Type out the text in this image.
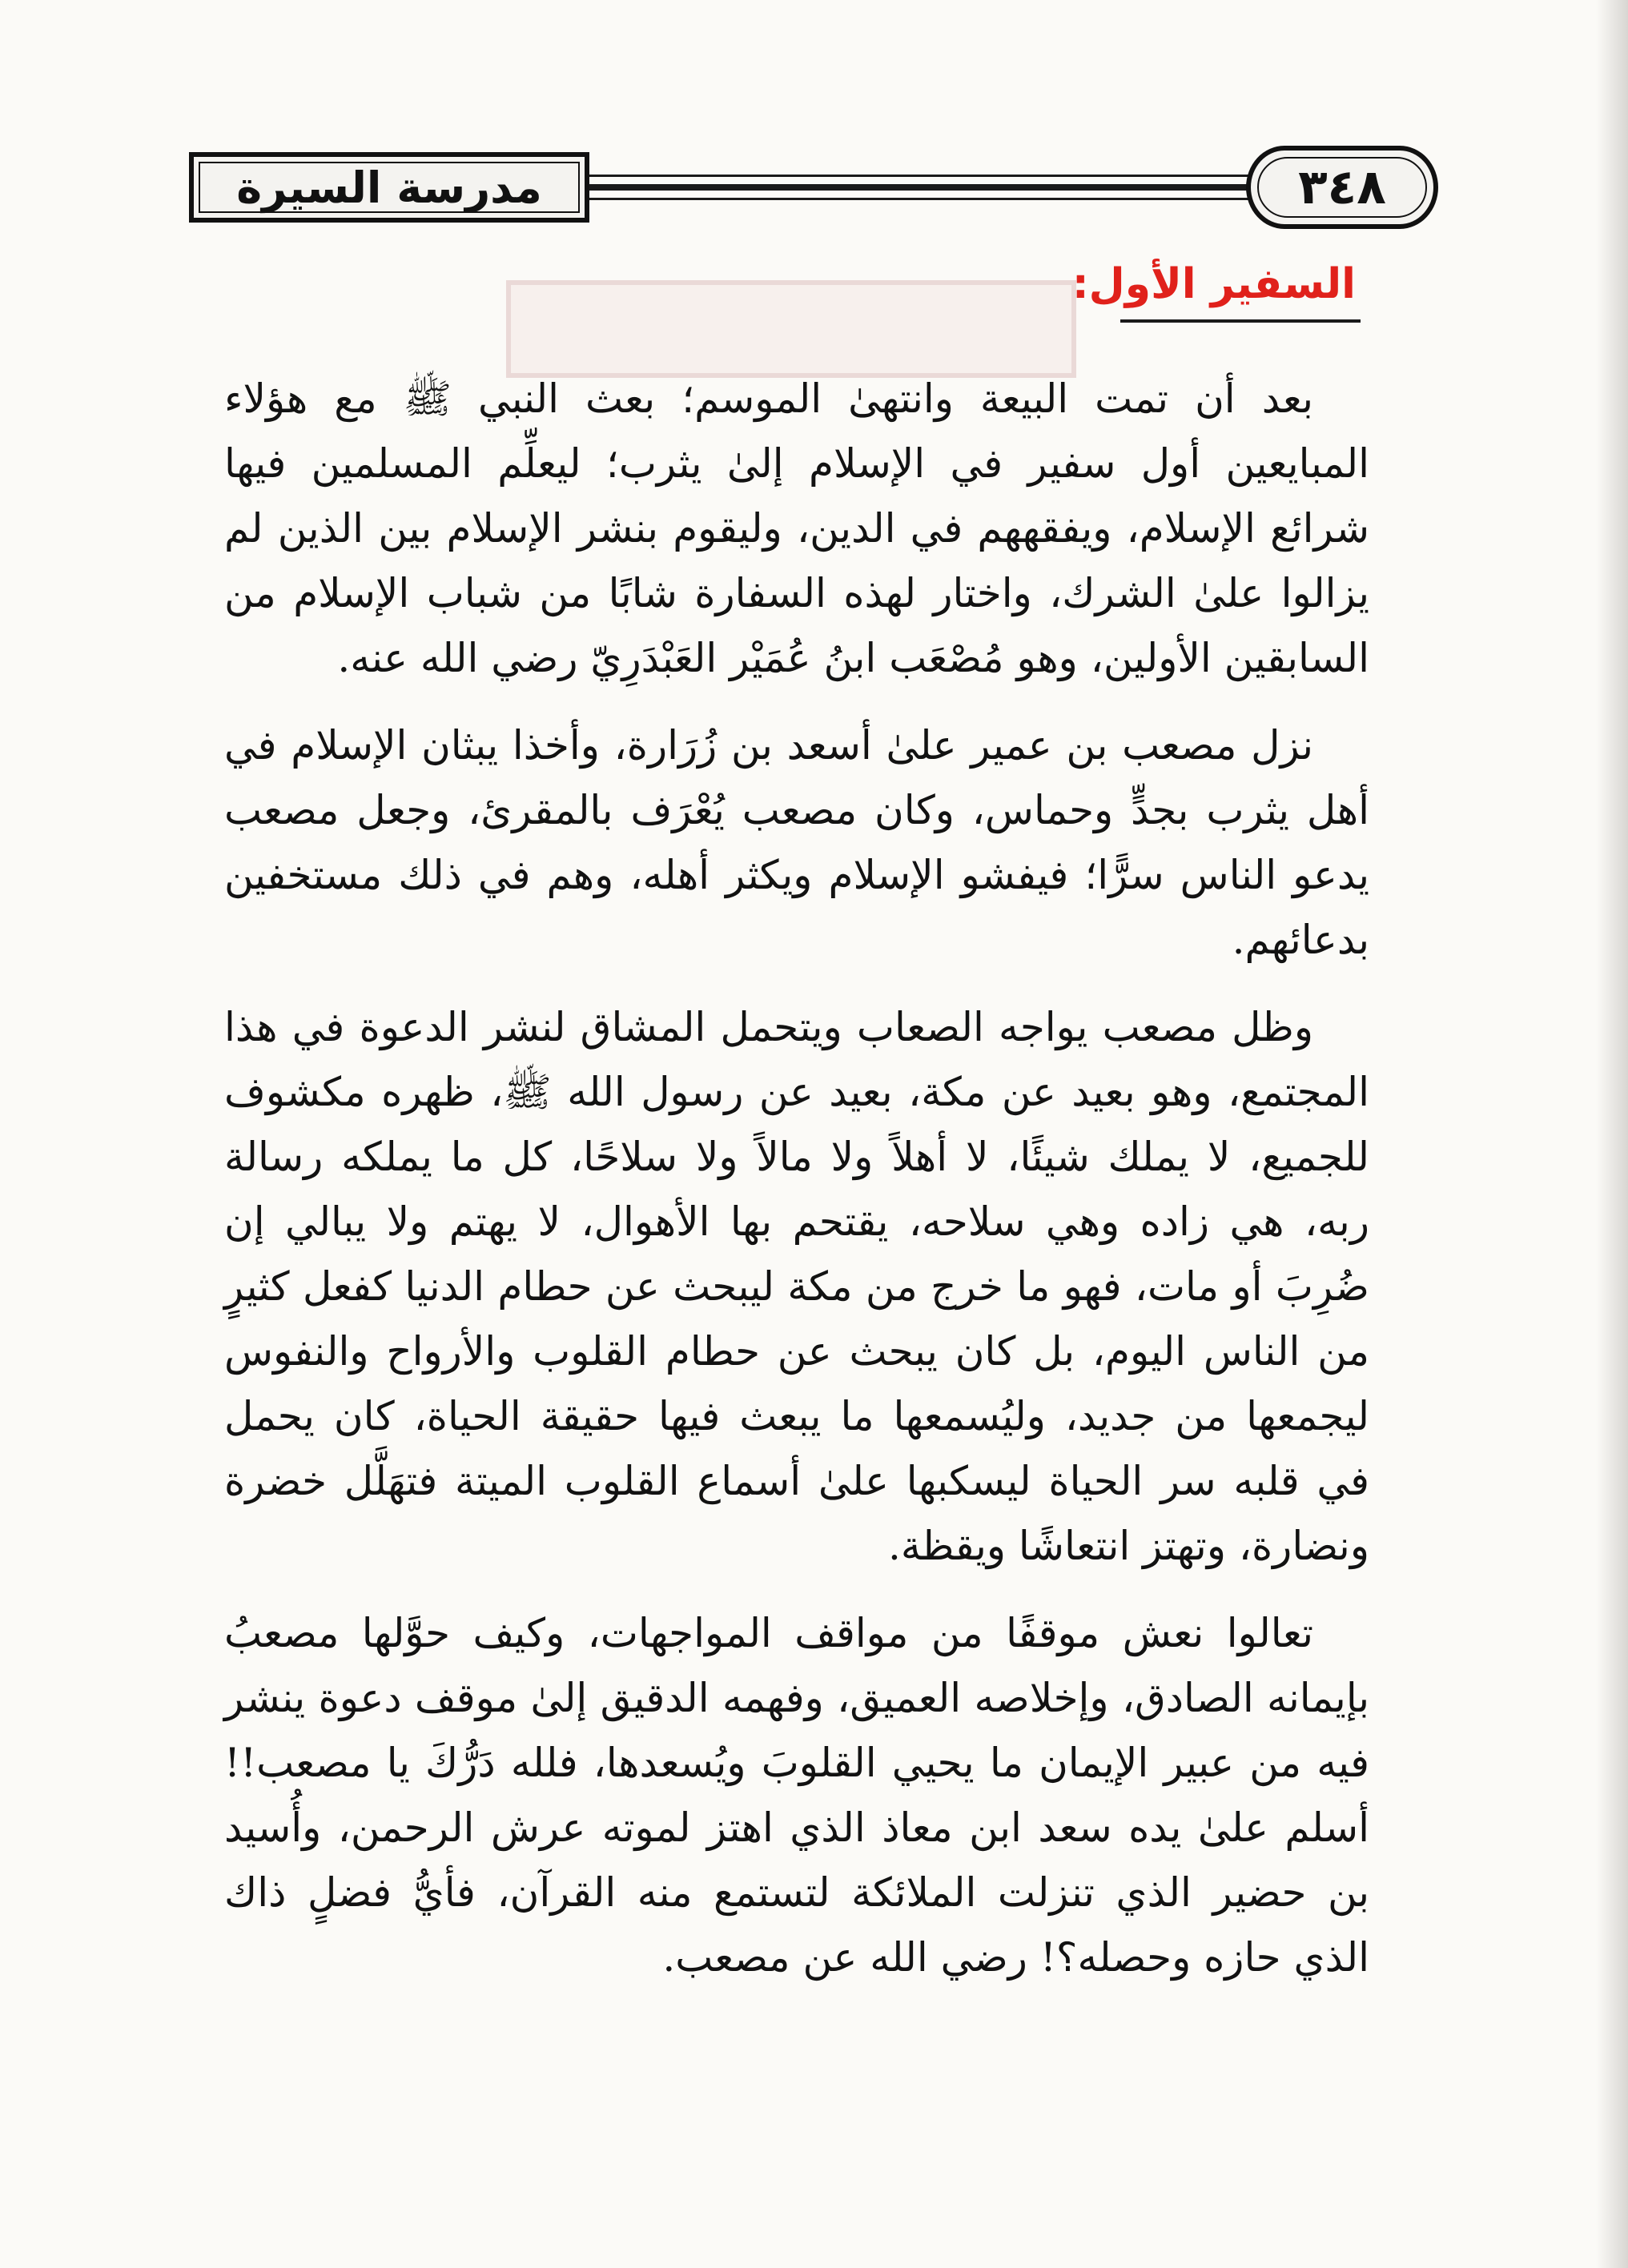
مدرسة السيرة	٣٤٨
السفير الأول:

بعد أن تمت البيعة وانتهىٰ الموسم؛ بعث النبي ﷺ مع هؤلاء المبايعين أول سفير في الإسلام إلىٰ يثرب؛ ليعلِّم المسلمين فيها شرائع الإسلام، ويفقههم في الدين، وليقوم بنشر الإسلام بين الذين لم يزالوا علىٰ الشرك، واختار لهذه السفارة شابًا من شباب الإسلام من السابقين الأولين، وهو مُصْعَب ابنُ عُمَيْر العَبْدَرِيّ رضي الله عنه.

نزل مصعب بن عمير علىٰ أسعد بن زُرَارة، وأخذا يبثان الإسلام في أهل يثرب بجدٍّ وحماس، وكان مصعب يُعْرَف بالمقرئ، وجعل مصعب يدعو الناس سرًّا؛ فيفشو الإسلام ويكثر أهله، وهم في ذلك مستخفين بدعائهم.

وظل مصعب يواجه الصعاب ويتحمل المشاق لنشر الدعوة في هذا المجتمع، وهو بعيد عن مكة، بعيد عن رسول الله ﷺ، ظهره مكشوف للجميع، لا يملك شيئًا، لا أهلاً ولا مالاً ولا سلاحًا، كل ما يملكه رسالة ربه، هي زاده وهي سلاحه، يقتحم بها الأهوال، لا يهتم ولا يبالي إن ضُرِبَ أو مات، فهو ما خرج من مكة ليبحث عن حطام الدنيا كفعل كثيرٍ من الناس اليوم، بل كان يبحث عن حطام القلوب والأرواح والنفوس ليجمعها من جديد، وليُسمعها ما يبعث فيها حقيقة الحياة، كان يحمل في قلبه سر الحياة ليسكبها علىٰ أسماع القلوب الميتة فتهَلَّل خضرة ونضارة، وتهتز انتعاشًا ويقظة.

تعالوا نعش موقفًا من مواقف المواجهات، وكيف حوَّلها مصعبُ بإيمانه الصادق، وإخلاصه العميق، وفهمه الدقيق إلىٰ موقف دعوة ينشر فيه من عبير الإيمان ما يحيي القلوبَ ويُسعدها، فلله دَرُّكَ يا مصعب!! أسلم علىٰ يده سعد ابن معاذ الذي اهتز لموته عرش الرحمن، وأُسيد بن حضير الذي تنزلت الملائكة لتستمع منه القرآن، فأيُّ فضلٍ ذاك الذي حازه وحصله؟! رضي الله عن مصعب.
